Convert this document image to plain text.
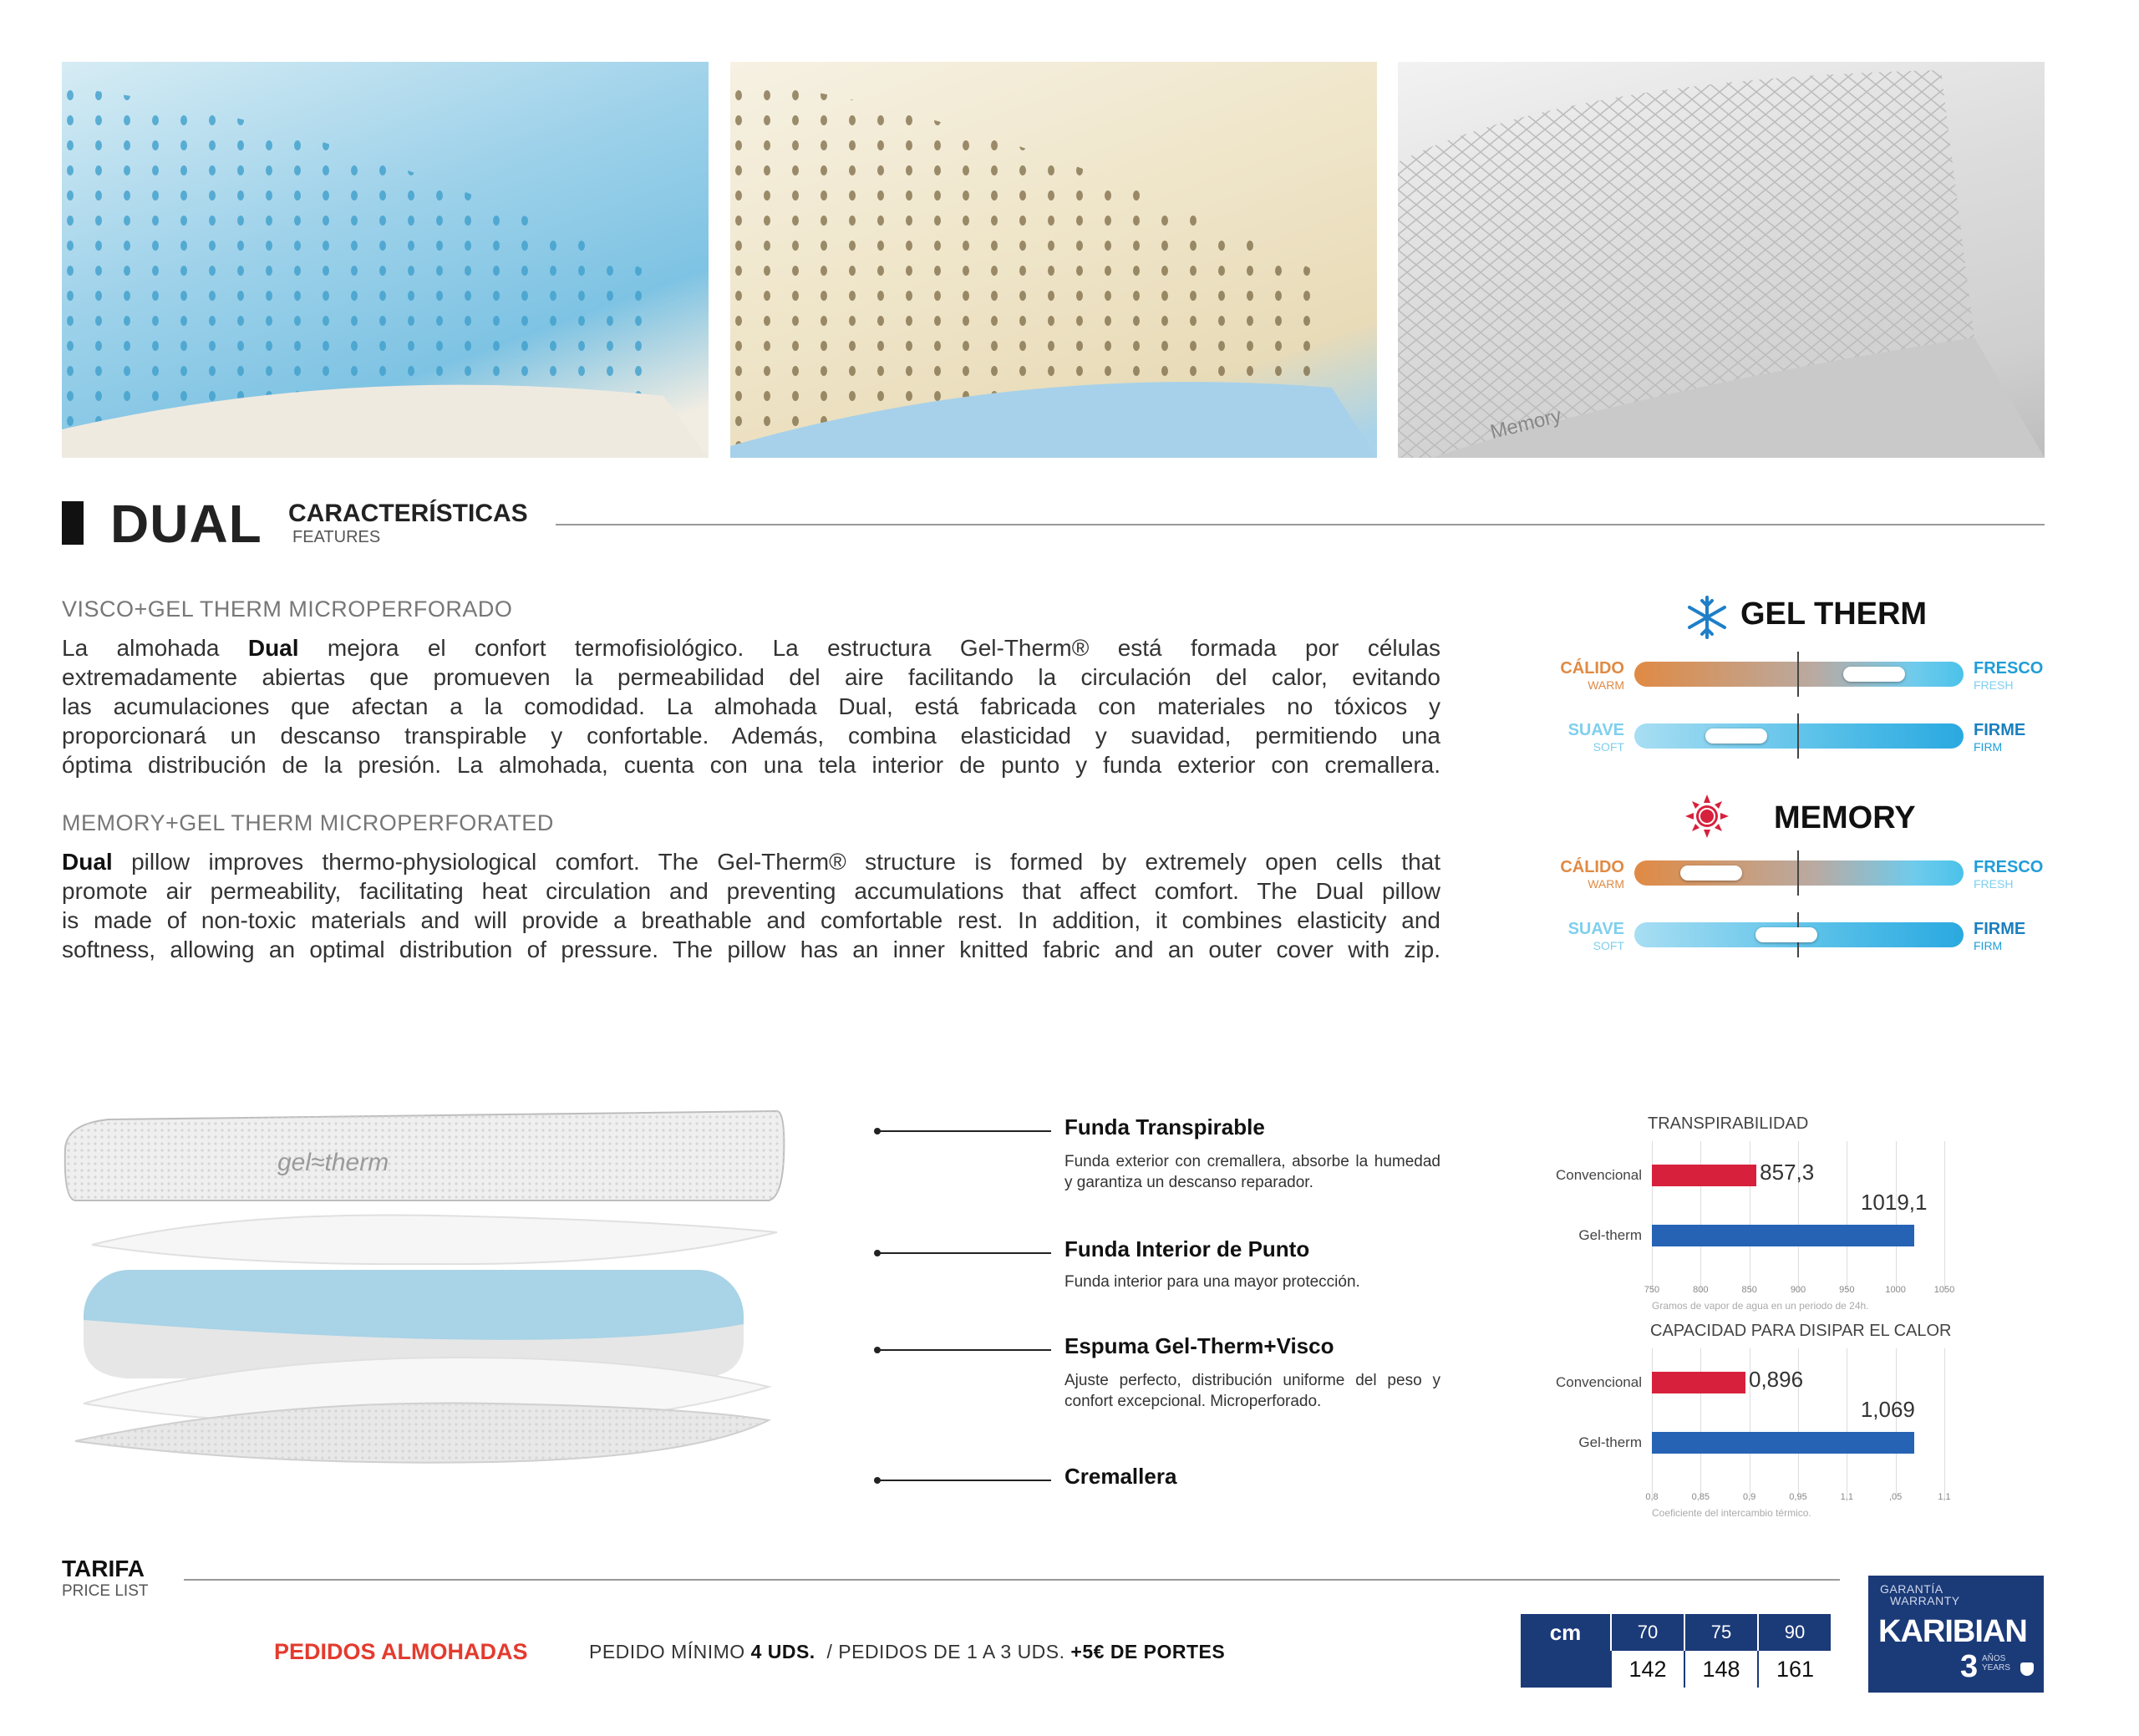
Memory
DUAL CARACTERÍSTICAS
FEATURES
VISCO+GEL THERM MICROPERFORADO
La almohada Dual mejora el confort termofisiológico. La estructura Gel-Therm® está formada por células
extremadamente abiertas que promueven la permeabilidad del aire facilitando la circulación del calor, evitando
las acumulaciones que afectan a la comodidad. La almohada Dual, está fabricada con materiales no tóxicos y
proporcionará un descanso transpirable y confortable. Además, combina elasticidad y suavidad, permitiendo una
óptima distribución de la presión. La almohada, cuenta con una tela interior de punto y funda exterior con cremallera.
MEMORY+GEL THERM MICROPERFORATED
Dual pillow improves thermo-physiological comfort. The Gel-Therm® structure is formed by extremely open cells that
promote air permeability, facilitating heat circulation and preventing accumulations that affect comfort. The Dual pillow
is made of non-toxic materials and will provide a breathable and comfortable rest. In addition, it combines elasticity and
softness, allowing an optimal distribution of pressure. The pillow has an inner knitted fabric and an outer cover with zip.
GEL THERM
MEMORY
CÁLIDO
WARM
FRESCO
FRESH
SUAVE
SOFT
FIRME
FIRM
CÁLIDO
WARM
FRESCO
FRESH
SUAVE
SOFT
FIRME
FIRM
gel≈therm
Funda Transpirable
Funda exterior con cremallera, absorbe la humedad y garantiza un descanso reparador.
Funda Interior de Punto
Funda interior para una mayor protección.
Espuma Gel-Therm+Visco
Ajuste perfecto, distribución uniforme del peso y confort excepcional. Microperforado.
Cremallera
TRANSPIRABILIDAD
750	800	850	900	950	1000	1050
Convencional	857,3
Gel-therm
1019,1
Gramos de vapor de agua en un periodo de 24h.
CAPACIDAD PARA DISIPAR EL CALOR
0,8	0,85	0,9	0,95	1,1	,05	1,1
Convencional	0,896
Gel-therm
1,069
Coeficiente del intercambio térmico.
TARIFA
PRICE LIST
PEDIDOS ALMOHADAS	PEDIDO MÍNIMO 4 UDS.  / PEDIDOS DE 1 A 3 UDS. +5€ DE PORTES
cm	70	75	90
	142	148	161
GARANTÍA
WARRANTY
KARIBIAN
3 AÑOS
YEARS
